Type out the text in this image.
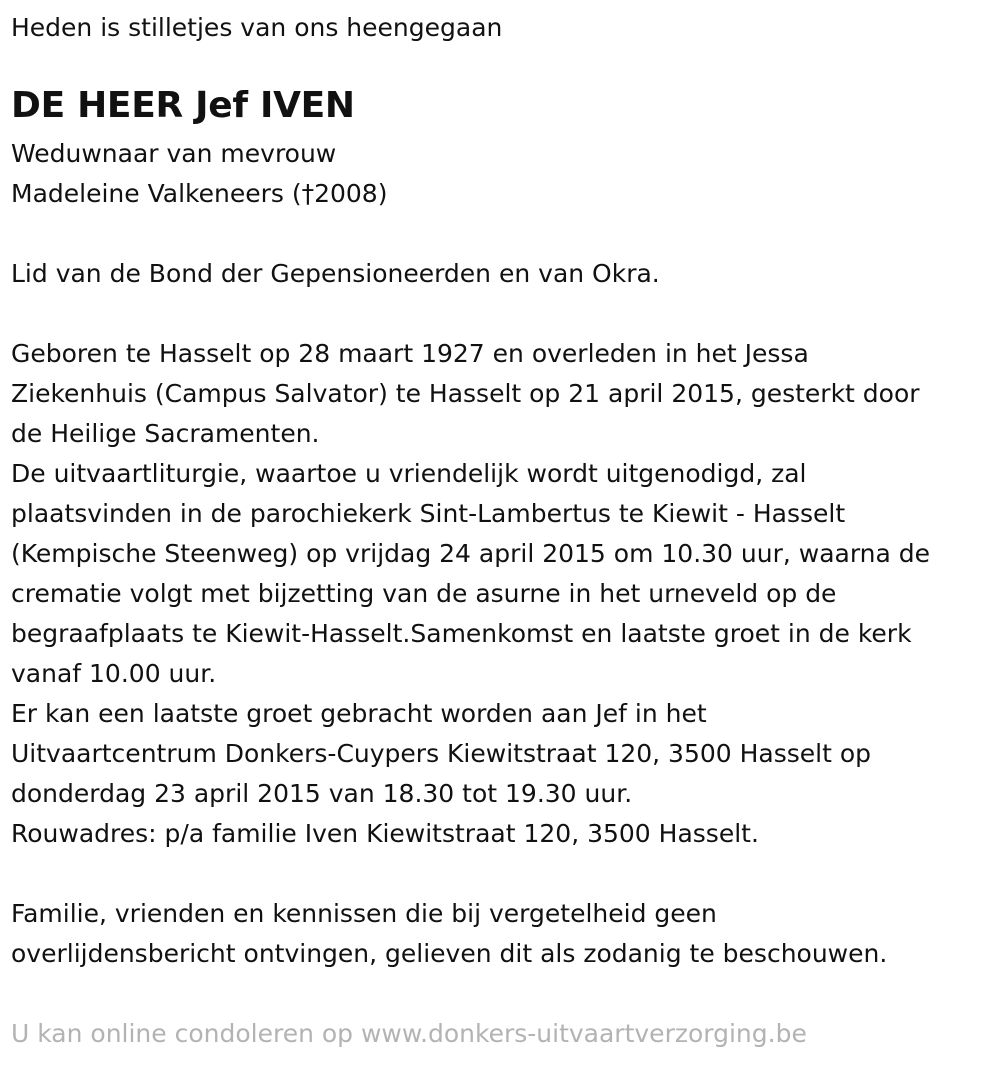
Heden is stilletjes van ons heengegaan
DE HEER Jef IVEN
Weduwnaar van mevrouw
Madeleine Valkeneers (†2008)
Lid van de Bond der Gepensioneerden en van Okra.
Geboren te Hasselt op 28 maart 1927 en overleden in het Jessa
Ziekenhuis (Campus Salvator) te Hasselt op 21 april 2015, gesterkt door
de Heilige Sacramenten.
De uitvaartliturgie, waartoe u vriendelijk wordt uitgenodigd, zal
plaatsvinden in de parochiekerk Sint-Lambertus te Kiewit - Hasselt
(Kempische Steenweg) op vrijdag 24 april 2015 om 10.30 uur, waarna de
crematie volgt met bijzetting van de asurne in het urneveld op de
begraafplaats te Kiewit-Hasselt.Samenkomst en laatste groet in de kerk
vanaf 10.00 uur.
Er kan een laatste groet gebracht worden aan Jef in het
Uitvaartcentrum Donkers-Cuypers Kiewitstraat 120, 3500 Hasselt op
donderdag 23 april 2015 van 18.30 tot 19.30 uur.
Rouwadres: p/a familie Iven Kiewitstraat 120, 3500 Hasselt.
Familie, vrienden en kennissen die bij vergetelheid geen
overlijdensbericht ontvingen, gelieven dit als zodanig te beschouwen.
U kan online condoleren op www.donkers-uitvaartverzorging.be
